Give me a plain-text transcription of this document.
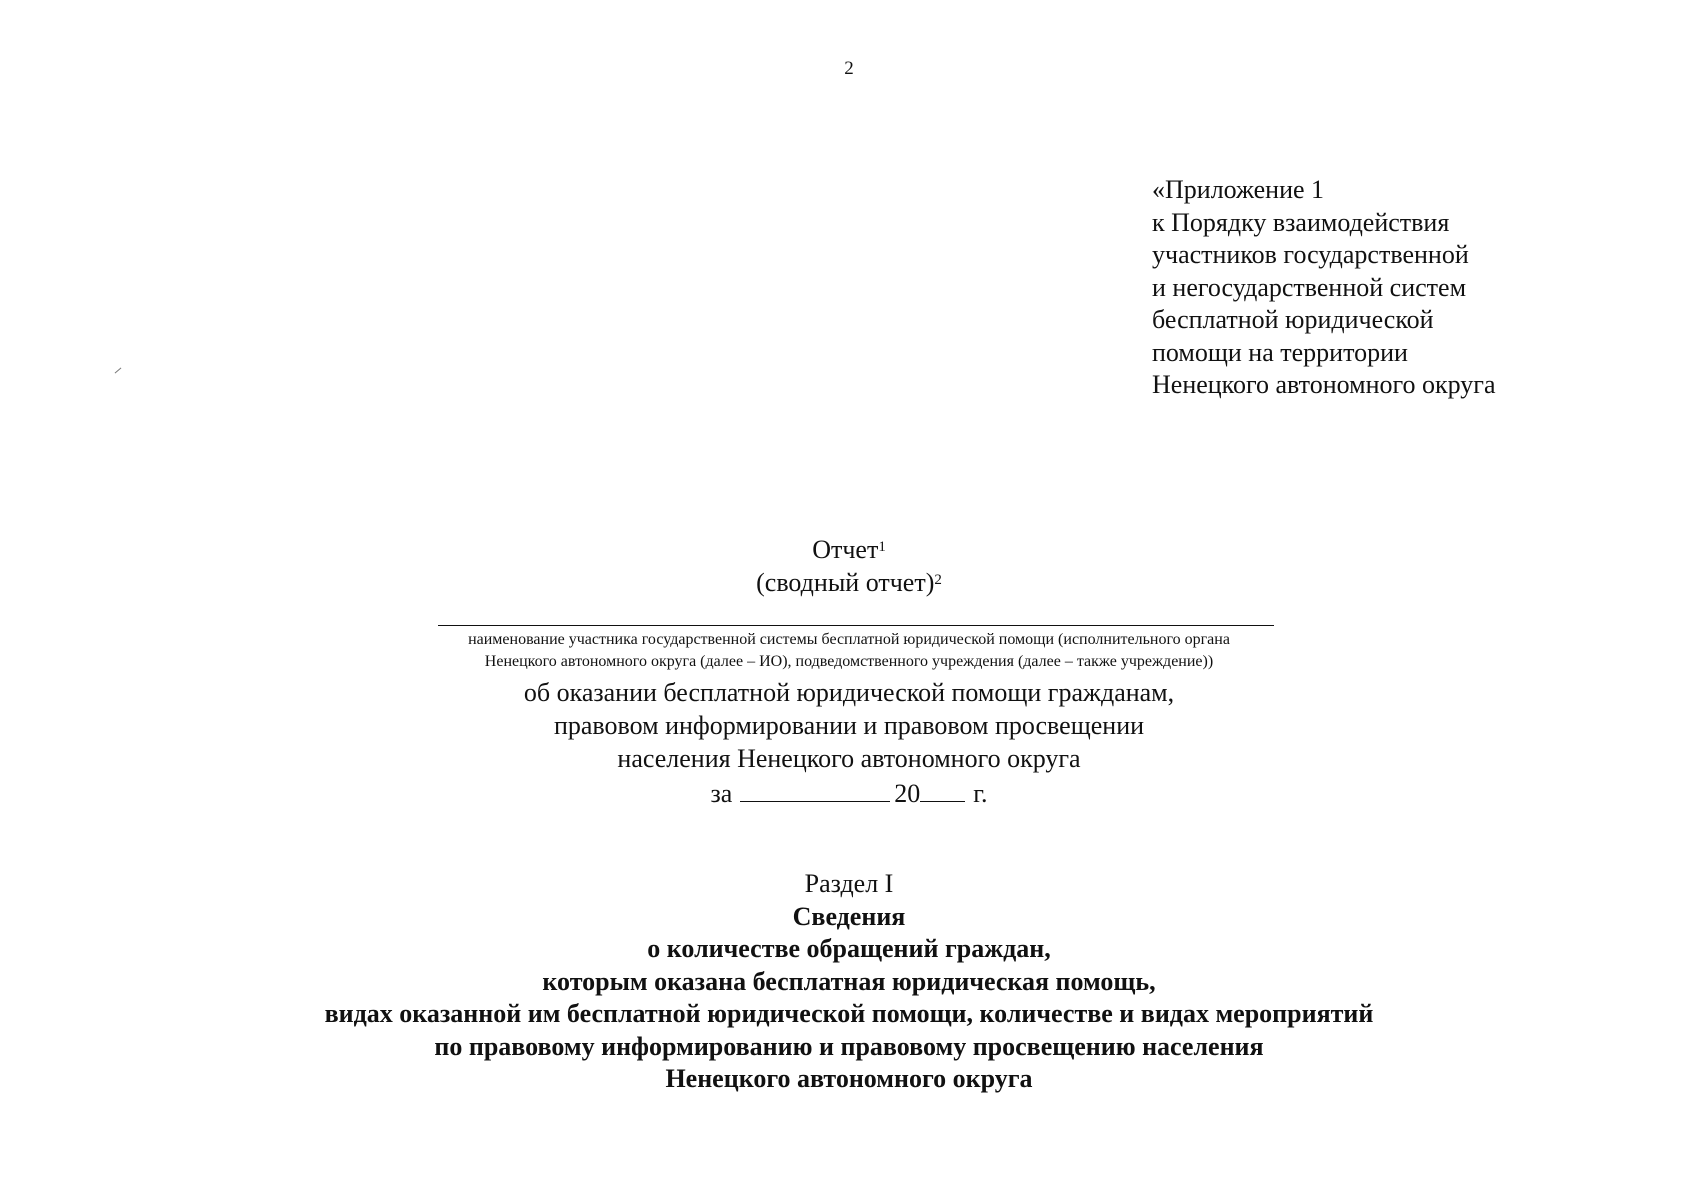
2
«Приложение 1
к Порядку взаимодействия
участников государственной
и негосударственной систем
бесплатной юридической
помощи на территории
Ненецкого автономного округа
Отчет$^1$
(сводный отчет)$^2$
наименование участника государственной системы бесплатной юридической помощи (исполнительного органа
Ненецкого автономного округа (далее – ИО), подведомственного учреждения (далее – также учреждение))
об оказании бесплатной юридической помощи гражданам,
правовом информировании и правовом просвещении
населения Ненецкого автономного округа
за	20 г.
Раздел I
Сведения
о количестве обращений граждан,
которым оказана бесплатная юридическая помощь,
видах оказанной им бесплатной юридической помощи, количестве и видах мероприятий
по правовому информированию и правовому просвещению населения
Ненецкого автономного округа
